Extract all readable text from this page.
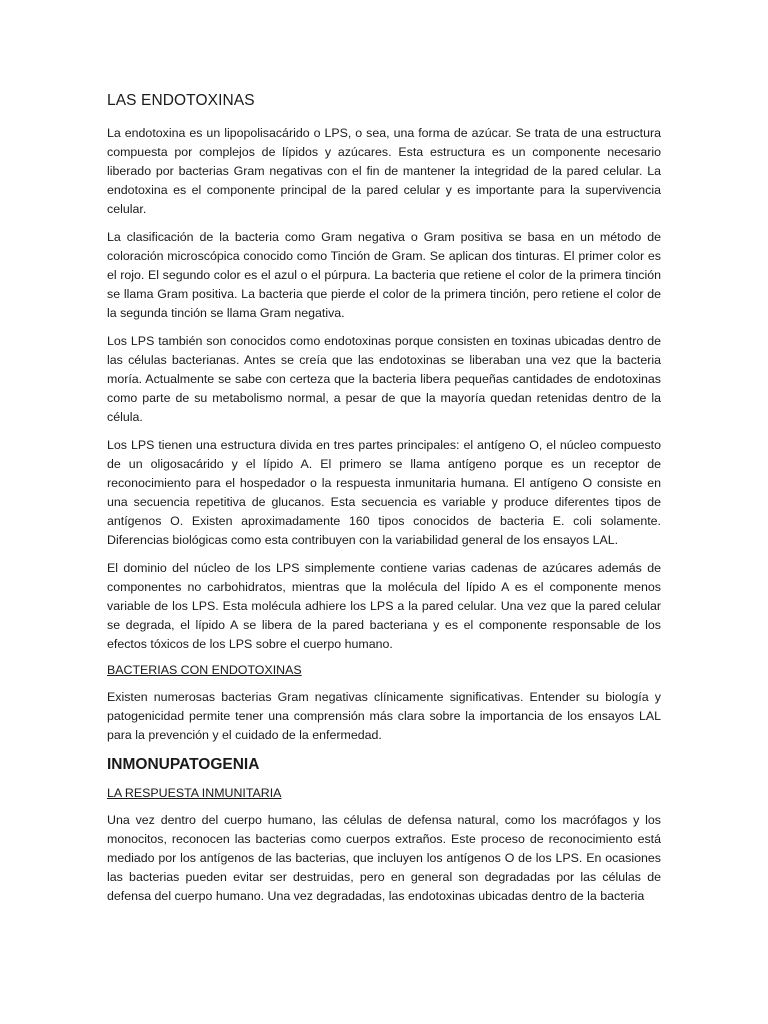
LAS ENDOTOXINAS

La endotoxina es un lipopolisacárido o LPS, o sea, una forma de azúcar. Se trata de una estructura compuesta por complejos de lípidos y azúcares. Esta estructura es un componente necesario liberado por bacterias Gram negativas con el fin de mantener la integridad de la pared celular. La endotoxina es el componente principal de la pared celular y es importante para la supervivencia celular.

La clasificación de la bacteria como Gram negativa o Gram positiva se basa en un método de coloración microscópica conocido como Tinción de Gram. Se aplican dos tinturas. El primer color es el rojo. El segundo color es el azul o el púrpura. La bacteria que retiene el color de la primera tinción se llama Gram positiva. La bacteria que pierde el color de la primera tinción, pero retiene el color de la segunda tinción se llama Gram negativa.

Los LPS también son conocidos como endotoxinas porque consisten en toxinas ubicadas dentro de las células bacterianas. Antes se creía que las endotoxinas se liberaban una vez que la bacteria moría. Actualmente se sabe con certeza que la bacteria libera pequeñas cantidades de endotoxinas como parte de su metabolismo normal, a pesar de que la mayoría quedan retenidas dentro de la célula.

Los LPS tienen una estructura divida en tres partes principales: el antígeno O, el núcleo compuesto de un oligosacárido y el lípido A. El primero se llama antígeno porque es un receptor de reconocimiento para el hospedador o la respuesta inmunitaria humana. El antígeno O consiste en una secuencia repetitiva de glucanos. Esta secuencia es variable y produce diferentes tipos de antígenos O. Existen aproximadamente 160 tipos conocidos de bacteria E. coli solamente. Diferencias biológicas como esta contribuyen con la variabilidad general de los ensayos LAL.

El dominio del núcleo de los LPS simplemente contiene varias cadenas de azúcares además de componentes no carbohidratos, mientras que la molécula del lípido A es el componente menos variable de los LPS. Esta molécula adhiere los LPS a la pared celular. Una vez que la pared celular se degrada, el lípido A se libera de la pared bacteriana y es el componente responsable de los efectos tóxicos de los LPS sobre el cuerpo humano.

BACTERIAS CON ENDOTOXINAS

Existen numerosas bacterias Gram negativas clínicamente significativas. Entender su biología y patogenicidad permite tener una comprensión más clara sobre la importancia de los ensayos LAL para la prevención y el cuidado de la enfermedad.

INMONUPATOGENIA
LA RESPUESTA INMUNITARIA

Una vez dentro del cuerpo humano, las células de defensa natural, como los macrófagos y los monocitos, reconocen las bacterias como cuerpos extraños. Este proceso de reconocimiento está mediado por los antígenos de las bacterias, que incluyen los antígenos O de los LPS. En ocasiones las bacterias pueden evitar ser destruidas, pero en general son degradadas por las células de defensa del cuerpo humano. Una vez degradadas, las endotoxinas ubicadas dentro de la bacteria
